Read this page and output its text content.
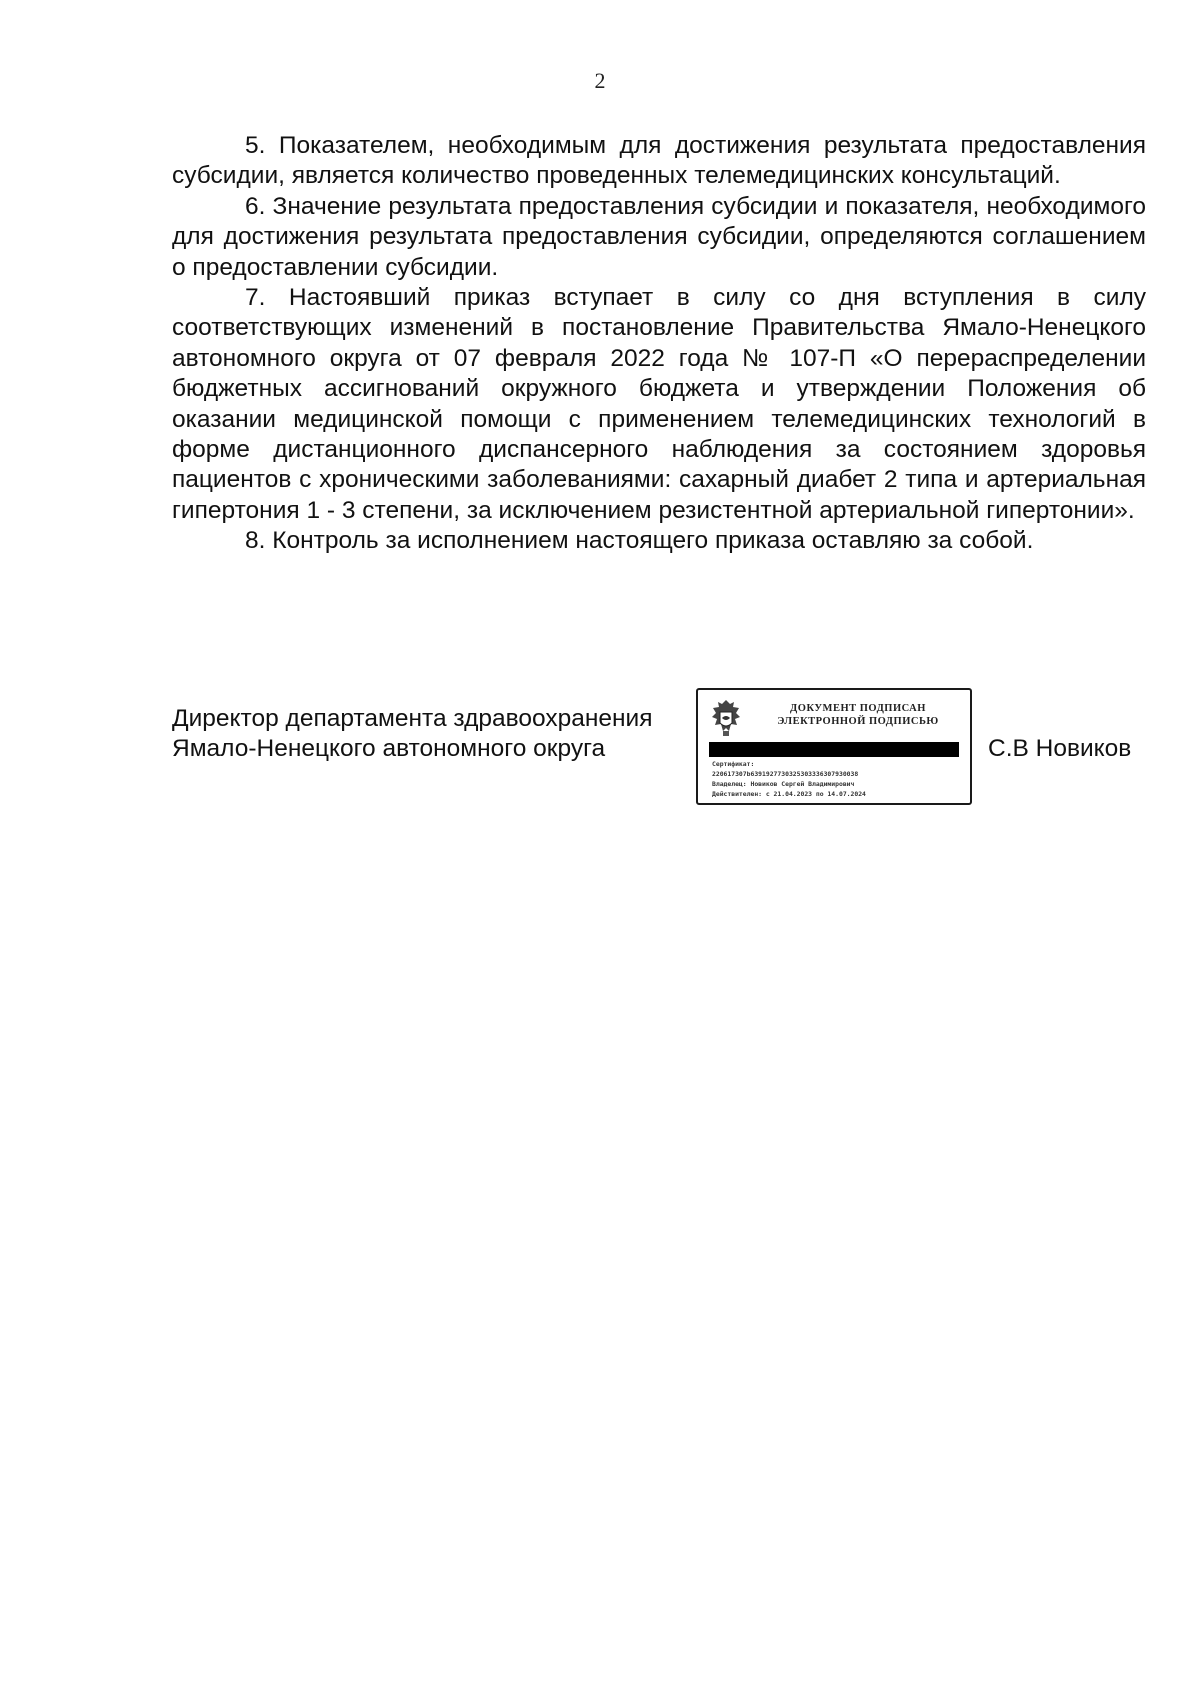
2

5. Показателем, необходимым для достижения результата предоставления субсидии, является количество проведенных телемедицинских консультаций.

6. Значение результата предоставления субсидии и показателя, необходимого для достижения результата предоставления субсидии, определяются соглашением о предоставлении субсидии.

7. Настоявший приказ вступает в силу со дня вступления в силу соответствующих изменений в постановление Правительства Ямало-Ненецкого автономного округа от 07 февраля 2022 года № 107-П «О перераспределении бюджетных ассигнований окружного бюджета и утверждении Положения об оказании медицинской помощи с применением телемедицинских технологий в форме дистанционного диспансерного наблюдения за состоянием здоровья пациентов с хроническими заболеваниями: сахарный диабет 2 типа и артериальная гипертония 1 - 3 степени, за исключением резистентной артериальной гипертонии».

8. Контроль за исполнением настоящего приказа оставляю за собой.

Директор департамента здравоохранения
Ямало-Ненецкого автономного округа
ДОКУМЕНТ ПОДПИСАН
ЭЛЕКТРОННОЙ ПОДПИСЬЮ
Сертификат:
220617307b6391927730325303336307930038
Владелец: Новиков Сергей Владимирович
Действителен: с 21.04.2023 по 14.07.2024
С.В Новиков
